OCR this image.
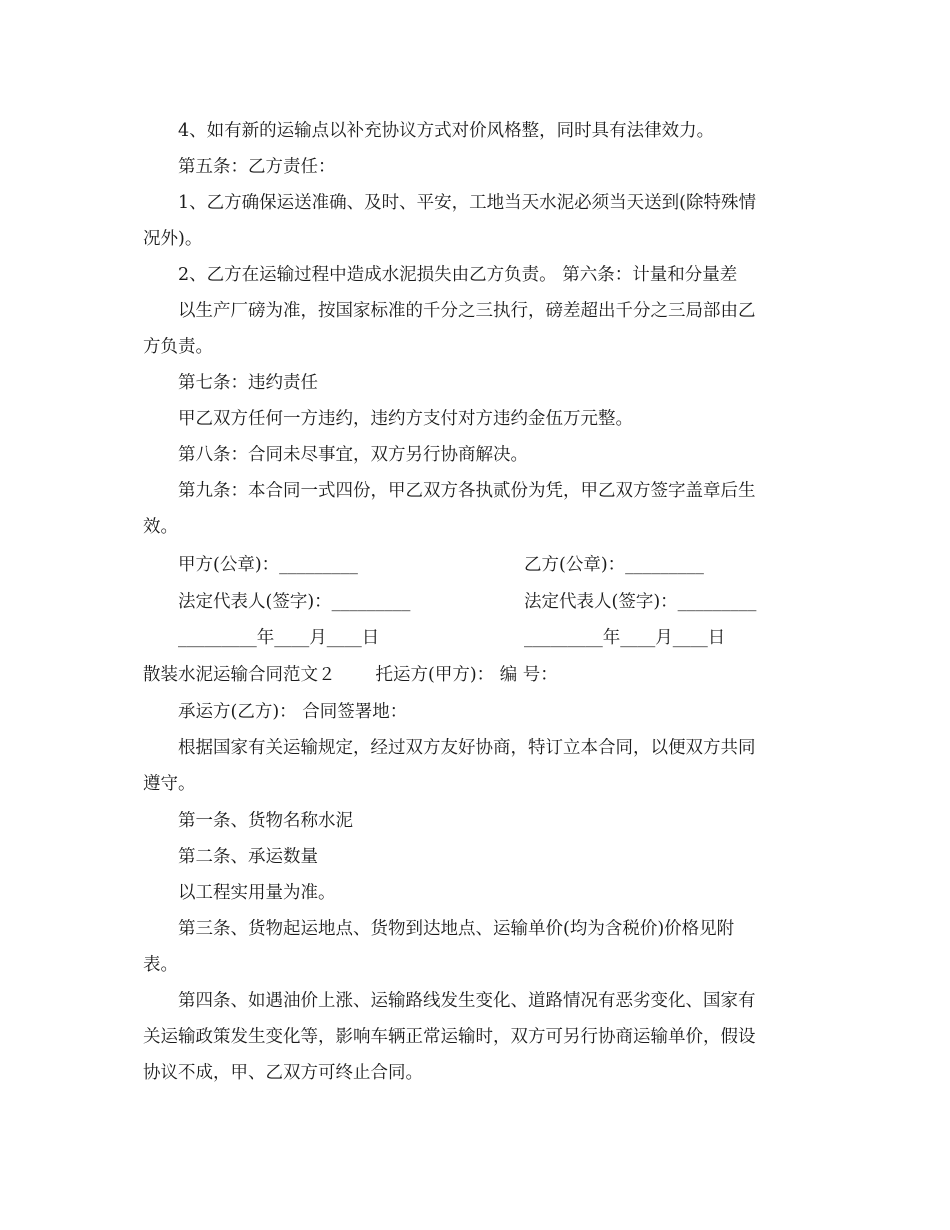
4、如有新的运输点以补充协议方式对价风格整，同时具有法律效力。
第五条：乙方责任：
1、乙方确保运送准确、及时、平安，工地当天水泥必须当天送到(除特殊情
况外)。
2、乙方在运输过程中造成水泥损失由乙方负责。 第六条：计量和分量差
以生产厂磅为准，按国家标准的千分之三执行，磅差超出千分之三局部由乙
方负责。
第七条：违约责任
甲乙双方任何一方违约，违约方支付对方违约金伍万元整。
第八条：合同未尽事宜，双方另行协商解决。
第九条：本合同一式四份，甲乙双方各执贰份为凭，甲乙双方签字盖章后生
效。
甲方(公章)：_________	乙方(公章)：_________
法定代表人(签字)：_________	法定代表人(签字)：_________
_________年____月____日	_________年____月____日
散装水泥运输合同范文２ 托运方(甲方)： 编 号：
承运方(乙方)： 合同签署地：
根据国家有关运输规定，经过双方友好协商，特订立本合同，以便双方共同
遵守。
第一条、货物名称水泥
第二条、承运数量
以工程实用量为准。
第三条、货物起运地点、货物到达地点、运输单价(均为含税价)价格见附
表。
第四条、如遇油价上涨、运输路线发生变化、道路情况有恶劣变化、国家有
关运输政策发生变化等，影响车辆正常运输时，双方可另行协商运输单价，假设
协议不成，甲、乙双方可终止合同。
